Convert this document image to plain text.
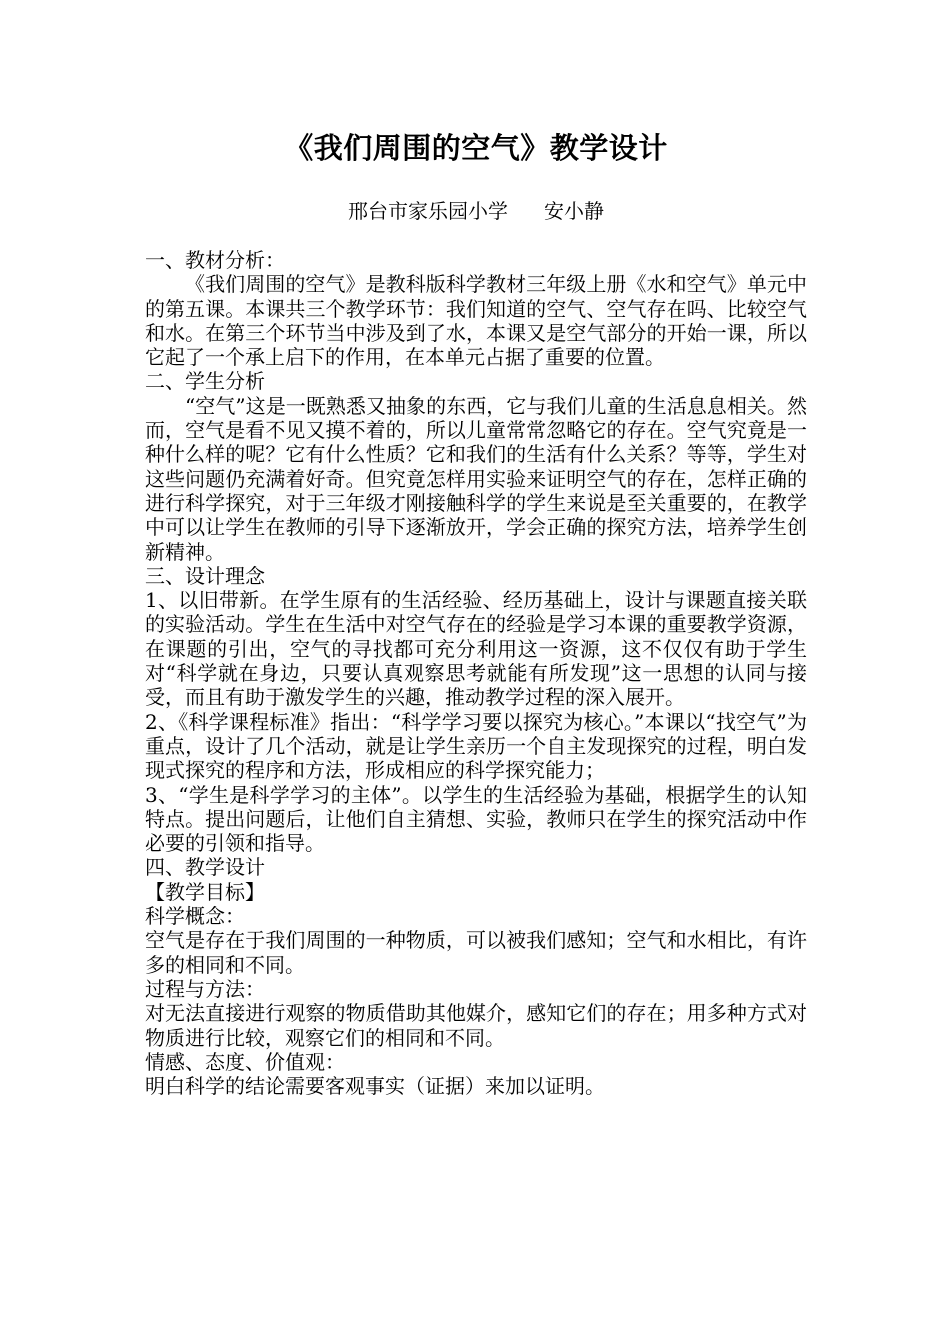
《我们周围的空气》教学设计
邢台市家乐园小学 安小静

一、教材分析：

《我们周围的空气》是教科版科学教材三年级上册《水和空气》单元中的第五课。本课共三个教学环节：我们知道的空气、空气存在吗、比较空气和水。在第三个环节当中涉及到了水，本课又是空气部分的开始一课，所以它起了一个承上启下的作用，在本单元占据了重要的位置。

二、学生分析

“空气”这是一既熟悉又抽象的东西，它与我们儿童的生活息息相关。然而，空气是看不见又摸不着的，所以儿童常常忽略它的存在。空气究竟是一种什么样的呢？它有什么性质？它和我们的生活有什么关系？等等，学生对这些问题仍充满着好奇。但究竟怎样用实验来证明空气的存在，怎样正确的进行科学探究，对于三年级才刚接触科学的学生来说是至关重要的，在教学中可以让学生在教师的引导下逐渐放开，学会正确的探究方法，培养学生创新精神。

三、设计理念

1、以旧带新。在学生原有的生活经验、经历基础上，设计与课题直接关联的实验活动。学生在生活中对空气存在的经验是学习本课的重要教学资源，在课题的引出，空气的寻找都可充分利用这一资源，这不仅仅有助于学生对“科学就在身边，只要认真观察思考就能有所发现”这一思想的认同与接受，而且有助于激发学生的兴趣，推动教学过程的深入展开。

2、《科学课程标准》指出：“科学学习要以探究为核心。”本课以“找空气”为重点，设计了几个活动，就是让学生亲历一个自主发现探究的过程，明白发现式探究的程序和方法，形成相应的科学探究能力；

3、“学生是科学学习的主体”。以学生的生活经验为基础，根据学生的认知特点。提出问题后，让他们自主猜想、实验，教师只在学生的探究活动中作必要的引领和指导。

四、教学设计

【教学目标】

科学概念：

空气是存在于我们周围的一种物质，可以被我们感知；空气和水相比，有许多的相同和不同。

过程与方法：

对无法直接进行观察的物质借助其他媒介，感知它们的存在；用多种方式对物质进行比较，观察它们的相同和不同。

情感、态度、价值观：

明白科学的结论需要客观事实（证据）来加以证明。
